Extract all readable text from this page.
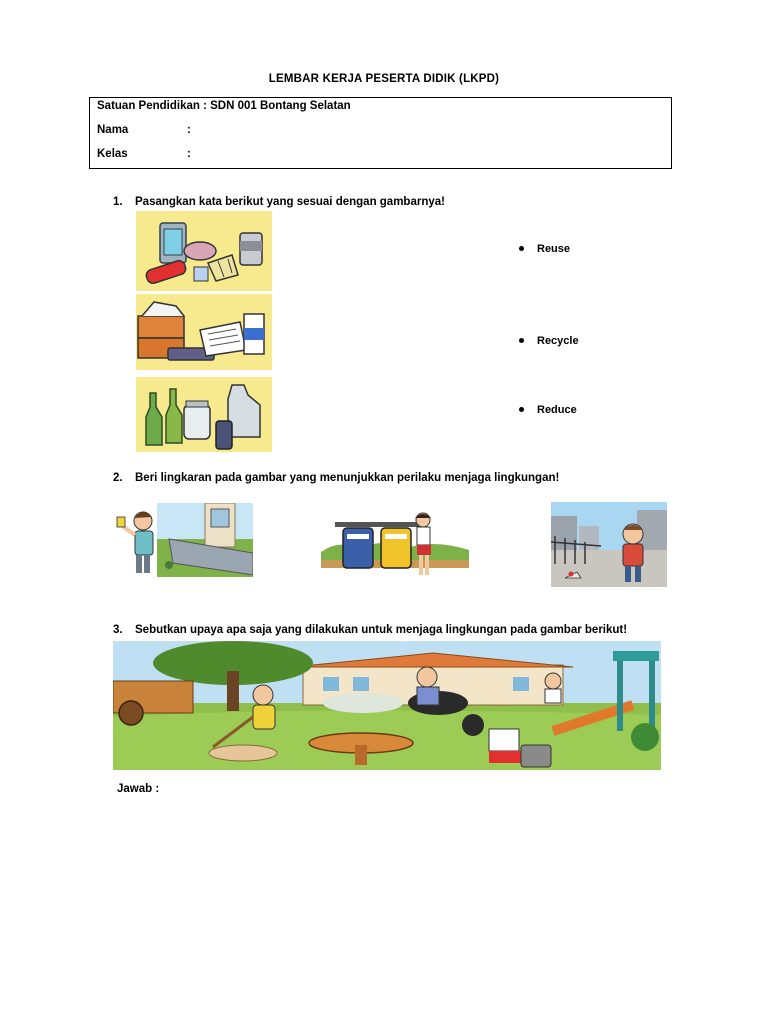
LEMBAR KERJA PESERTA DIDIK (LKPD)
Satuan Pendidikan : SDN 001 Bontang Selatan
Nama	:
Kelas	:
1. Pasangkan kata berikut yang sesuai dengan gambarnya!
Reuse
Recycle
Reduce
2. Beri lingkaran pada gambar yang menunjukkan perilaku menjaga lingkungan!
3. Sebutkan upaya apa saja yang dilakukan untuk menjaga lingkungan pada gambar berikut!
Jawab :
